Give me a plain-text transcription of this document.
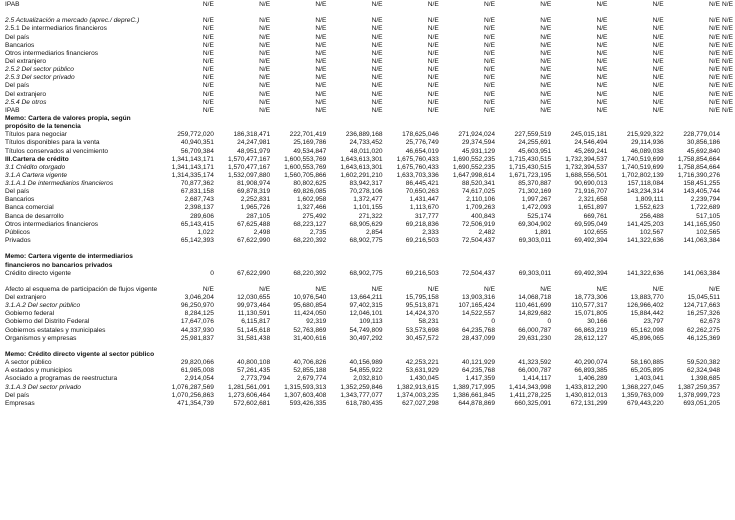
IPAB	N/E	N/E	N/E	N/E	N/E	N/E	N/E	N/E	N/E	N/E	N/E
2.5 Actualización a mercado (aprec./ depreC.)	N/E	N/E	N/E	N/E	N/E	N/E	N/E	N/E	N/E	N/E	N/E
2.5.1 De intermediarios financieros	N/E	N/E	N/E	N/E	N/E	N/E	N/E	N/E	N/E	N/E	N/E
Del país	N/E	N/E	N/E	N/E	N/E	N/E	N/E	N/E	N/E	N/E	N/E
Bancarios	N/E	N/E	N/E	N/E	N/E	N/E	N/E	N/E	N/E	N/E	N/E
Otros intermediarios financieros	N/E	N/E	N/E	N/E	N/E	N/E	N/E	N/E	N/E	N/E	N/E
Del extranjero	N/E	N/E	N/E	N/E	N/E	N/E	N/E	N/E	N/E	N/E	N/E
2.5.2 Del sector público	N/E	N/E	N/E	N/E	N/E	N/E	N/E	N/E	N/E	N/E	N/E
2.5.3 Del sector privado	N/E	N/E	N/E	N/E	N/E	N/E	N/E	N/E	N/E	N/E	N/E
Del país	N/E	N/E	N/E	N/E	N/E	N/E	N/E	N/E	N/E	N/E	N/E
Del extranjero	N/E	N/E	N/E	N/E	N/E	N/E	N/E	N/E	N/E	N/E	N/E
2.5.4 De otros	N/E	N/E	N/E	N/E	N/E	N/E	N/E	N/E	N/E	N/E	N/E
IPAB	N/E	N/E	N/E	N/E	N/E	N/E	N/E	N/E	N/E	N/E	N/E
Memo: Cartera de valores propia, según propósito de la tenencia											
Títulos para negociar	259,772,020	186,318,471	222,701,419	236,889,168	178,625,046	271,924,024	227,559,519	245,015,181	215,929,322	228,779,014	
Títulos disponibles para la venta	40,940,351	24,247,981	25,169,786	24,733,452	25,776,749	29,374,594	24,255,691	24,546,494	29,114,936	30,856,186	
Títulos conservados al vencimiento	56,709,384	48,951,979	49,534,847	48,011,020	46,654,019	45,931,129	45,603,951	45,269,241	46,089,038	45,692,840	
III.Cartera de crédito	1,341,143,171	1,570,477,167	1,600,553,769	1,643,613,301	1,675,760,433	1,690,552,235	1,715,430,515	1,732,394,537	1,740,519,699	1,758,854,664	
3.1 Crédito otorgado	1,341,143,171	1,570,477,167	1,600,553,769	1,643,613,301	1,675,760,433	1,690,552,235	1,715,430,515	1,732,394,537	1,740,519,699	1,758,854,664	
3.1.A Cartera vigente	1,314,335,174	1,532,097,880	1,560,705,866	1,602,291,210	1,633,703,336	1,647,998,614	1,671,723,195	1,688,556,501	1,702,802,139	1,716,390,276	
3.1.A.1 De intermediarios financieros	70,877,362	81,908,974	80,802,625	83,942,317	86,445,421	88,520,341	85,370,887	90,690,013	157,118,084	158,451,255	
Del país	67,831,158	69,878,319	69,826,085	70,278,106	70,650,263	74,617,025	71,302,169	71,916,707	143,234,314	143,405,744	
Bancarios	2,687,743	2,252,831	1,602,958	1,372,477	1,431,447	2,110,106	1,997,267	2,321,658	1,809,111	2,239,794	
Banca comercial	2,398,137	1,965,726	1,327,466	1,101,155	1,113,670	1,709,263	1,472,093	1,651,897	1,552,623	1,722,689	
Banca de desarrollo	289,606	287,105	275,492	271,322	317,777	400,843	525,174	669,761	256,488	517,105	
Otros intermediarios financieros	65,143,415	67,625,488	68,223,127	68,905,629	69,218,836	72,506,919	69,304,902	69,595,049	141,425,203	141,165,950	
Públicos	1,022	2,498	2,735	2,854	2,333	2,482	1,891	102,655	102,567	102,565	
Privados	65,142,393	67,622,990	68,220,392	68,902,775	69,216,503	72,504,437	69,303,011	69,492,394	141,322,636	141,063,384	
Memo: Cartera vigente de intermediarios financieros no bancarios privados											
Crédito directo vigente	0	67,622,990	68,220,392	68,902,775	69,216,503	72,504,437	69,303,011	69,492,394	141,322,636	141,063,384	
Afecto al esquema de participación de flujos vigente	N/E	N/E	N/E	N/E	N/E	N/E	N/E	N/E	N/E	N/E	
Del extranjero	3,046,204	12,030,655	10,976,540	13,664,211	15,795,158	13,903,316	14,068,718	18,773,306	13,883,770	15,045,511	
3.1.A.2 Del sector público	96,250,970	99,973,464	95,680,854	97,402,315	95,513,871	107,165,424	110,461,699	110,577,317	126,966,402	124,717,663	
Gobierno federal	8,284,125	11,130,591	11,424,050	12,046,101	14,424,370	14,522,557	14,829,682	15,071,805	15,884,442	16,257,326	
Gobierno del Distrito Federal	17,647,076	6,115,817	92,319	109,113	58,231	0	0	30,166	23,797	62,673	
Gobiernos estatales y municipales	44,337,930	51,145,618	52,763,869	54,749,809	53,573,698	64,235,768	66,000,787	66,863,219	65,162,098	62,262,275	
Organismos y empresas	25,981,837	31,581,438	31,400,616	30,497,292	30,457,572	28,437,099	29,631,230	28,612,127	45,896,065	46,125,369	
Memo: Crédito directo vigente al sector público											
A sector público	29,820,066	40,800,108	40,706,826	40,156,989	42,253,221	40,121,929	41,323,592	40,290,074	58,160,885	59,520,382	
A estados y municipios	61,985,008	57,261,435	52,855,188	54,855,922	53,631,929	64,235,768	66,000,787	66,893,385	65,205,895	62,324,948	
Asociado a programas de reestructura	2,914,054	2,773,794	2,679,774	2,032,810	1,430,045	1,417,359	1,414,117	1,406,289	1,403,041	1,398,685	
3.1.A.3 Del sector privado	1,076,287,569	1,281,561,091	1,315,593,313	1,352,259,846	1,382,913,615	1,389,717,995	1,414,343,998	1,433,812,290	1,368,227,045	1,387,259,357	
Del país	1,070,256,863	1,273,606,464	1,307,603,408	1,343,777,077	1,374,003,235	1,386,661,845	1,411,278,225	1,430,812,013	1,359,763,009	1,378,999,723	
Empresas	471,354,739	572,602,681	593,426,335	618,780,435	627,027,298	644,878,869	660,325,091	672,131,299	679,443,220	693,051,205	
